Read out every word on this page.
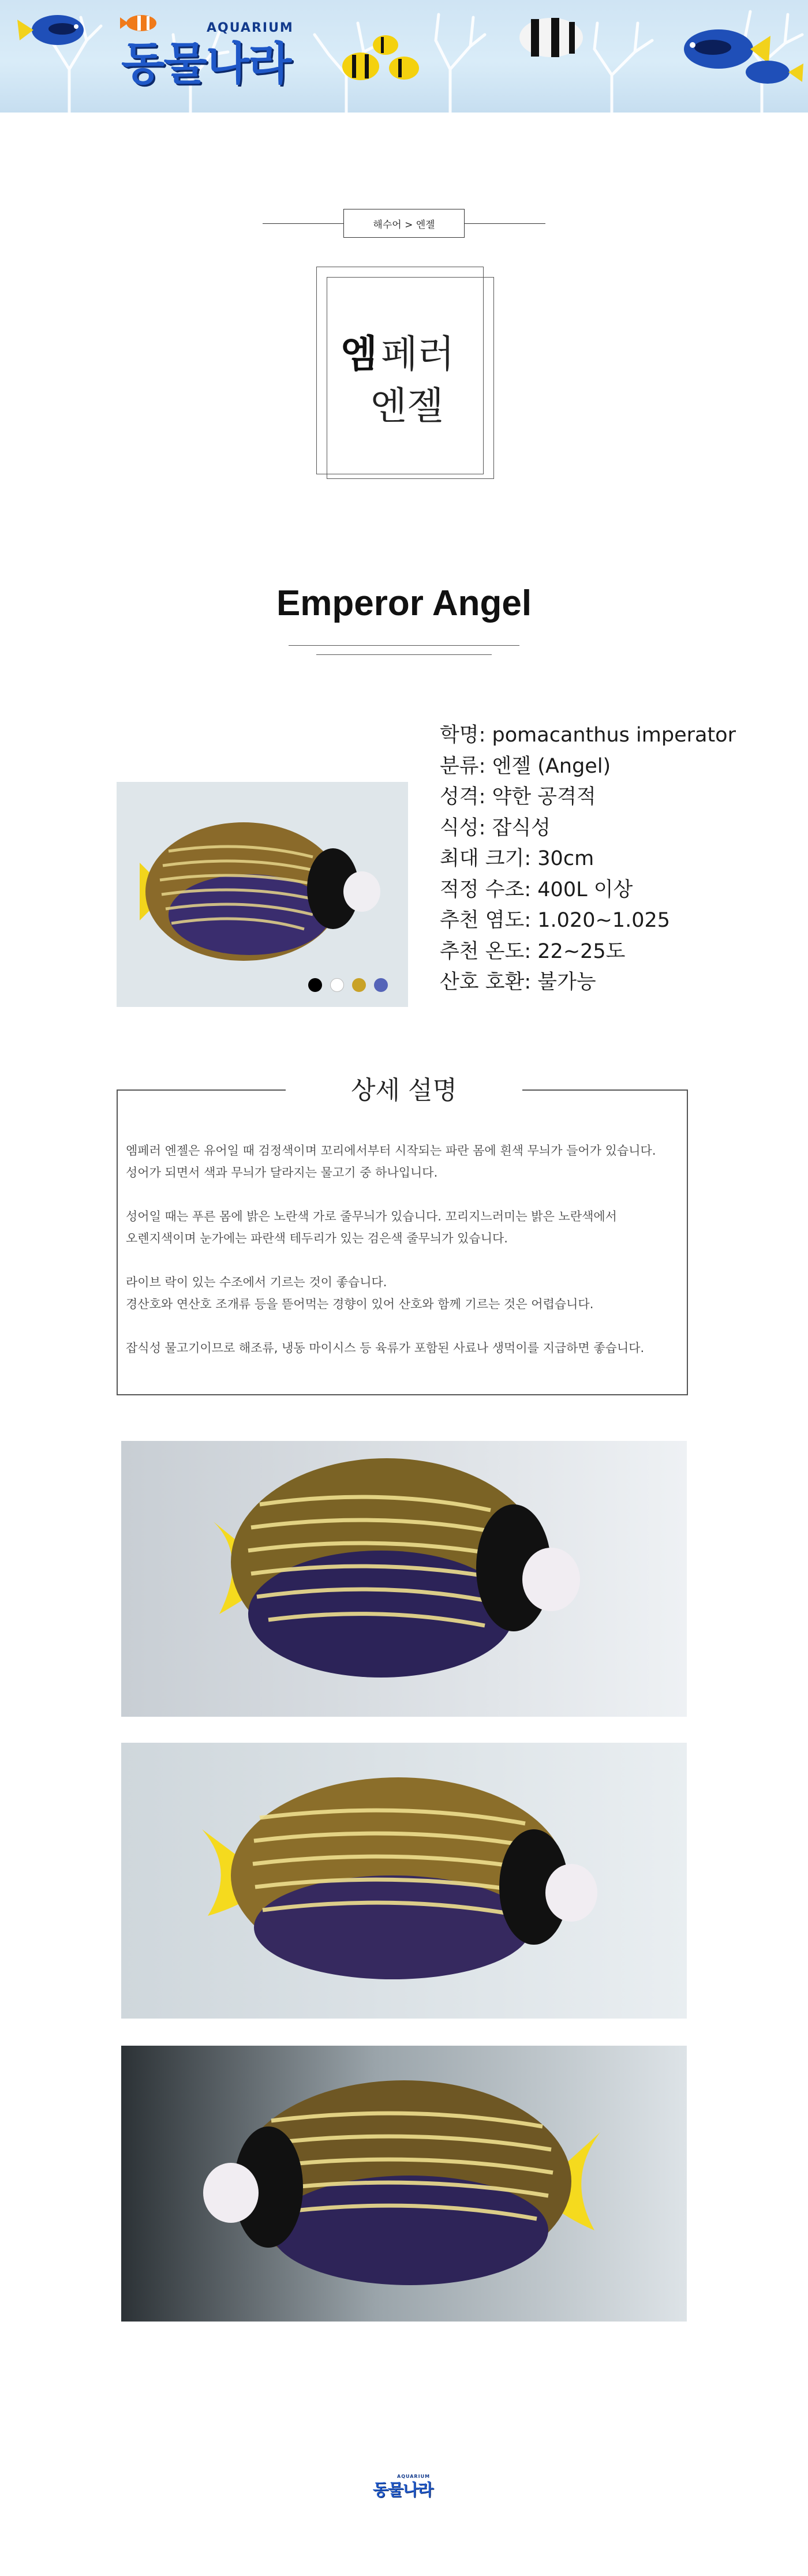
AQUARIUM
동물나라
해수어 > 엔젤
엠 페러
엔젤
Emperor Angel
학명: pomacanthus imperator
분류: 엔젤 (Angel)
성격: 약한 공격적
식성: 잡식성
최대 크기: 30cm
적정 수조: 400L 이상
추천 염도: 1.020~1.025
추천 온도: 22~25도
산호 호환: 불가능
상세 설명

엠페러 엔젤은 유어일 때 검정색이며 꼬리에서부터 시작되는 파란 몸에 흰색 무늬가 들어가 있습니다.

성어가 되면서 색과 무늬가 달라지는 물고기 중 하나입니다.

성어일 때는 푸른 몸에 밝은 노란색 가로 줄무늬가 있습니다. 꼬리지느러미는 밝은 노란색에서

오렌지색이며 눈가에는 파란색 테두리가 있는 검은색 줄무늬가 있습니다.

라이브 락이 있는 수조에서 기르는 것이 좋습니다.

경산호와 연산호 조개류 등을 뜯어먹는 경향이 있어 산호와 함께 기르는 것은 어렵습니다.

잡식성 물고기이므로 해조류, 냉동 마이시스 등 육류가 포함된 사료나 생먹이를 지급하면 좋습니다.

AQUARIUM
동물나라
